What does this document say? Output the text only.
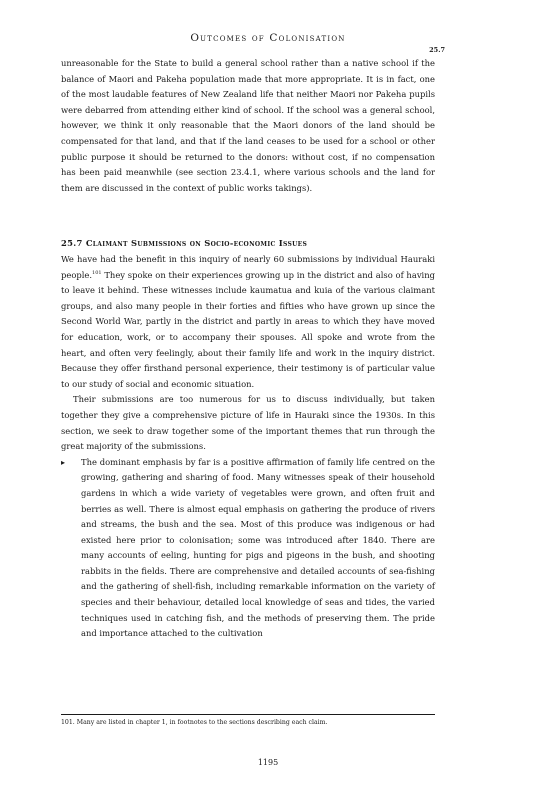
Outcomes of Colonisation
25.7

unreasonable for the State to build a general school rather than a native school if the balance of Maori and Pakeha population made that more appropriate. It is in fact, one of the most laudable features of New Zealand life that neither Maori nor Pakeha pupils were debarred from attending either kind of school. If the school was a general school, however, we think it only reasonable that the Maori donors of the land should be compensated for that land, and that if the land ceases to be used for a school or other public purpose it should be returned to the donors: without cost, if no compensation has been paid meanwhile (see section 23.4.1, where various schools and the land for them are discussed in the context of public works takings).

25.7 Claimant Submissions on Socio-economic Issues

We have had the benefit in this inquiry of nearly 60 submissions by individual Hauraki people.$^{101}$ They spoke on their experiences growing up in the district and also of having to leave it behind. These witnesses include kaumatua and kuia of the various claimant groups, and also many people in their forties and fifties who have grown up since the Second World War, partly in the district and partly in areas to which they have moved for education, work, or to accompany their spouses. All spoke and wrote from the heart, and often very feelingly, about their family life and work in the inquiry district. Because they offer firsthand personal experience, their testimony is of particular value to our study of social and economic situation.

Their submissions are too numerous for us to discuss individually, but taken together they give a comprehensive picture of life in Hauraki since the 1930s. In this section, we seek to draw together some of the important themes that run through the great majority of the submissions.

▸ The dominant emphasis by far is a positive affirmation of family life centred on the growing, gathering and sharing of food. Many witnesses speak of their household gardens in which a wide variety of vegetables were grown, and often fruit and berries as well. There is almost equal emphasis on gathering the produce of rivers and streams, the bush and the sea. Most of this produce was indigenous or had existed here prior to colonisation; some was introduced after 1840. There are many accounts of eeling, hunting for pigs and pigeons in the bush, and shooting rabbits in the fields. There are comprehensive and detailed accounts of sea-fishing and the gathering of shell-fish, including remarkable information on the variety of species and their behaviour, detailed local knowledge of seas and tides, the varied techniques used in catching fish, and the methods of preserving them. The pride and importance attached to the cultivation

101. Many are listed in chapter 1, in footnotes to the sections describing each claim.
1195
